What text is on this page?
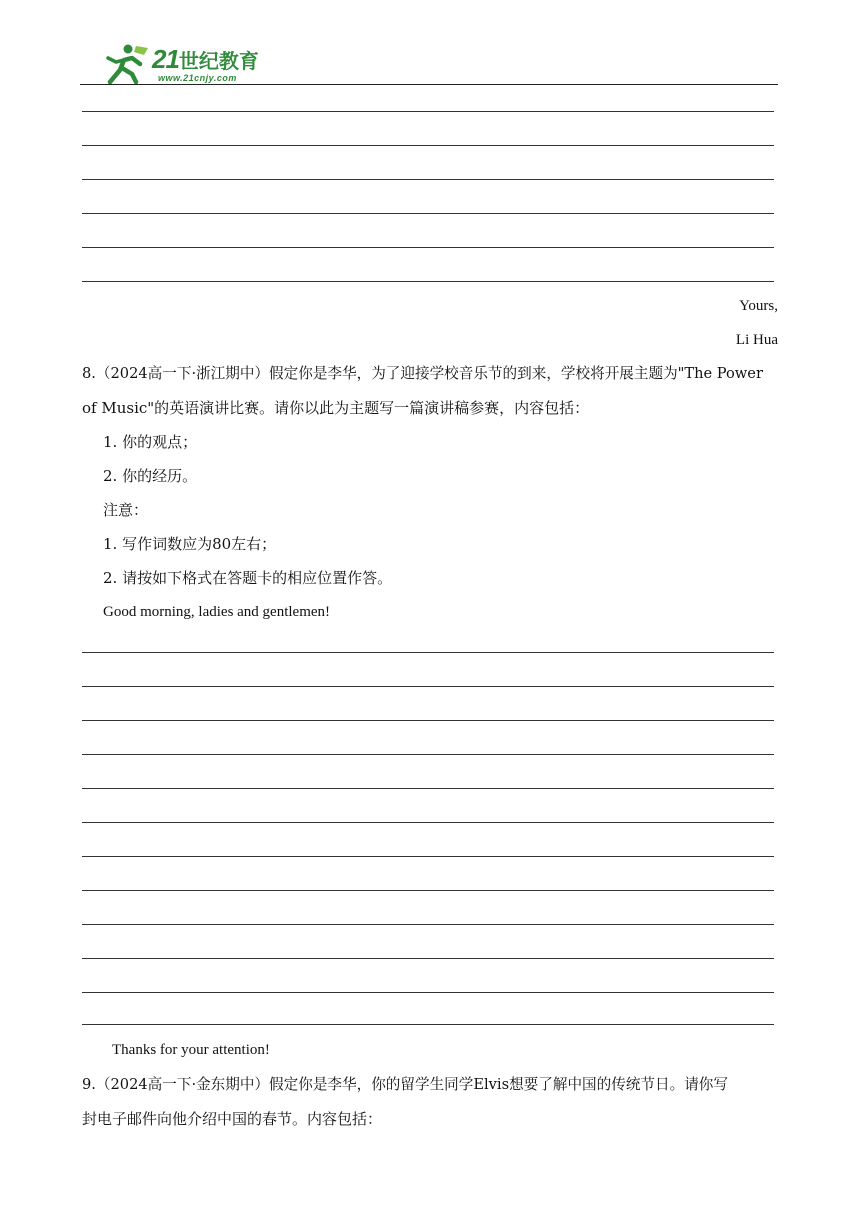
21世纪教育
www.21cnjy.com
Yours,
Li Hua
8.（2024高一下·浙江期中）假定你是李华，为了迎接学校音乐节的到来，学校将开展主题为"The Power
of Music"的英语演讲比赛。请你以此为主题写一篇演讲稿参赛，内容包括：
1. 你的观点；
2. 你的经历。
注意：
1. 写作词数应为80左右；
2. 请按如下格式在答题卡的相应位置作答。
Good morning, ladies and gentlemen!
Thanks for your attention!
9.（2024高一下·金东期中）假定你是李华，你的留学生同学Elvis想要了解中国的传统节日。请你写
封电子邮件向他介绍中国的春节。内容包括：
